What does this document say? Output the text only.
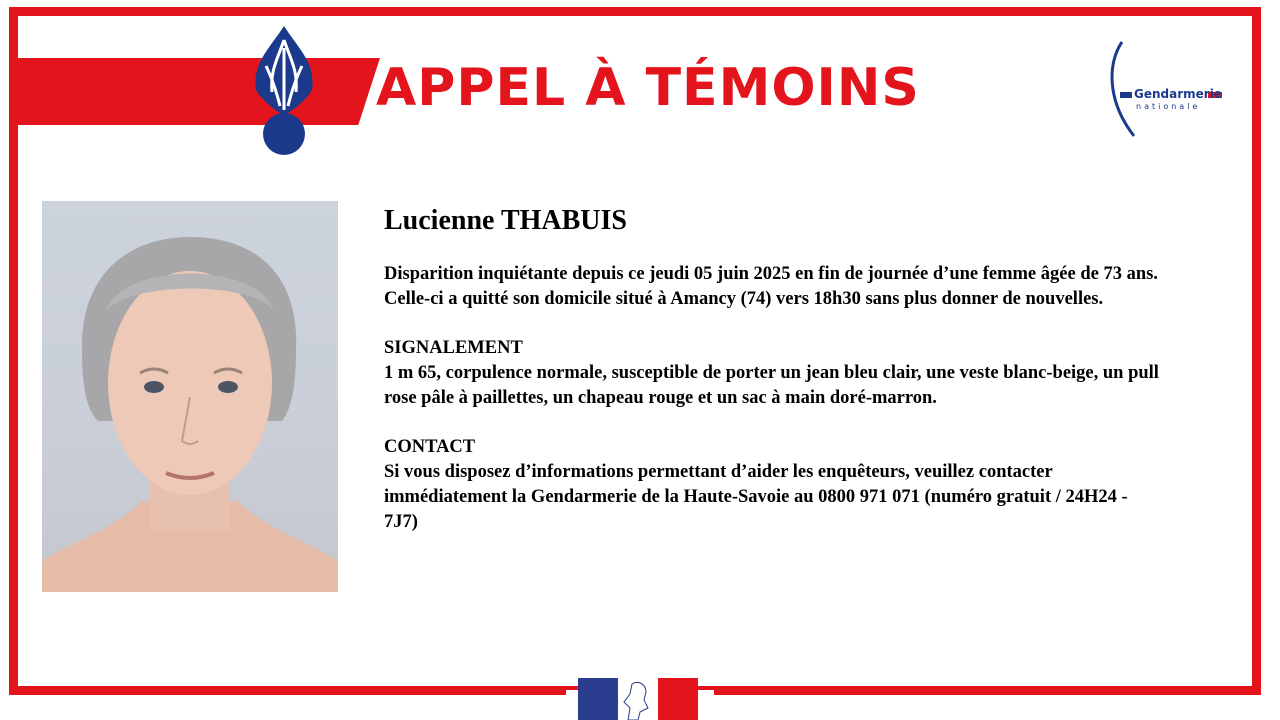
APPEL À TÉMOINS	Gendarmerie
nationale

Lucienne THABUIS

Disparition inquiétante depuis ce jeudi 05 juin 2025 en fin de journée d’une femme âgée de 73 ans. Celle-ci a quitté son domicile situé à Amancy (74) vers 18h30 sans plus donner de nouvelles.

SIGNALEMENT

1 m 65, corpulence normale, susceptible de porter un jean bleu clair, une veste blanc-beige, un pull rose pâle à paillettes, un chapeau rouge et un sac à main doré-marron.

CONTACT

Si vous disposez d’informations permettant d’aider les enquêteurs, veuillez contacter immédiatement la Gendarmerie de la Haute-Savoie au 0800 971 071 (numéro gratuit / 24H24 - 7J7)
